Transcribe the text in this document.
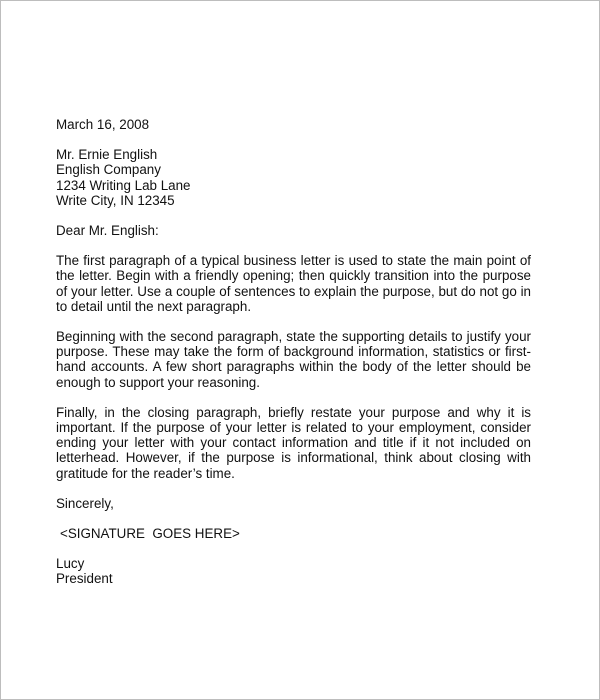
March 16, 2008
Mr. Ernie English
English Company
1234 Writing Lab Lane
Write City, IN 12345
Dear Mr. English:

The first paragraph of a typical business letter is used to state the main point of the letter. Begin with a friendly opening; then quickly transition into the purpose of your letter. Use a couple of sentences to explain the purpose, but do not go in to detail until the next paragraph.

Beginning with the second paragraph, state the supporting details to justify your purpose. These may take the form of background information, statistics or first-hand accounts. A few short paragraphs within the body of the letter should be enough to support your reasoning.

Finally, in the closing paragraph, briefly restate your purpose and why it is important. If the purpose of your letter is related to your employment, consider ending your letter with your contact information and title if it not included on letterhead. However, if the purpose is informational, think about closing with gratitude for the reader’s time.

Sincerely,
<SIGNATURE  GOES HERE>
Lucy
President
